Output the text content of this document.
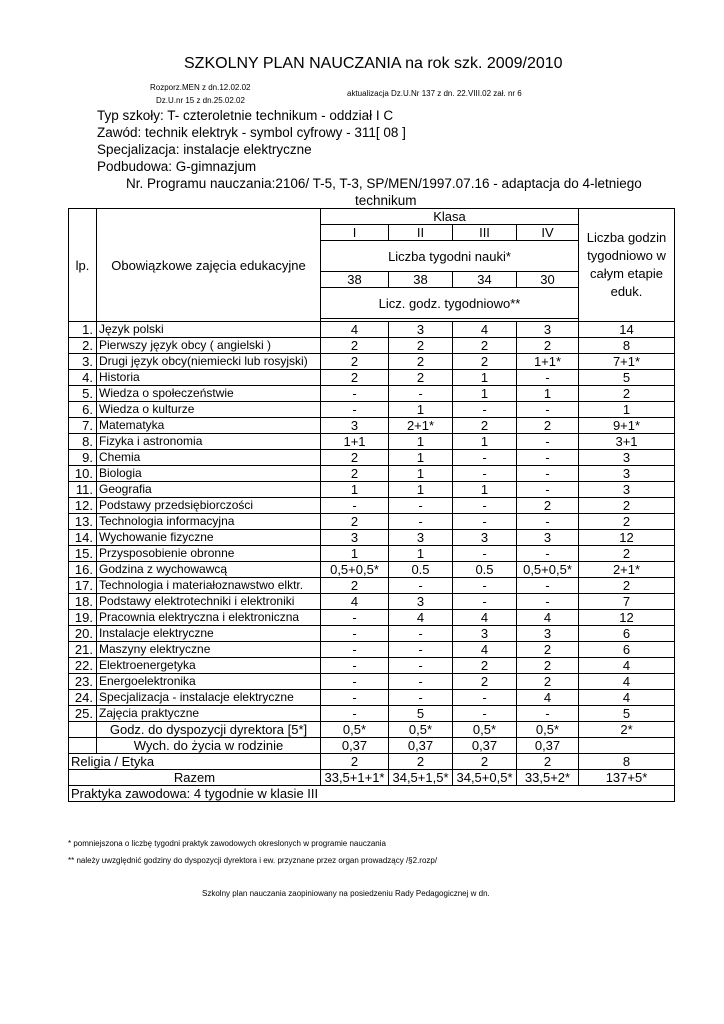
SZKOLNY PLAN NAUCZANIA na rok szk. 2009/2010
Rozporz.MEN z dn.12.02.02
Dz.U.nr 15 z dn.25.02.02
aktualizacja Dz.U.Nr 137 z dn. 22.VIII.02 zał. nr 6
Typ szkoły: T- czteroletnie technikum - oddział I C
Zawód: technik elektryk - symbol cyfrowy - 311[ 08 ]
Specjalizacja: instalacje elektryczne
Podbudowa: G-gimnazjum
Nr. Programu nauczania:2106/ T-5, T-3, SP/MEN/1997.07.16 - adaptacja do 4-letniego
technikum
lp.	Obowiązkowe zajęcia edukacyjne	Klasa				Liczba godzin tygodniowo w całym etapie eduk.
		I	II	III	IV	
		Liczba tygodni nauki*				
		38	38	34	30	
		Licz. godz. tygodniowo**				

1.	Język polski	4	3	4	3	14
2.	Pierwszy język obcy ( angielski )	2	2	2	2	8
3.	Drugi język obcy(niemiecki lub rosyjski)	2	2	2	1+1*	7+1*
4.	Historia	2	2	1	-	5
5.	Wiedza o społeczeństwie	-	-	1	1	2
6.	Wiedza o kulturze	-	1	-	-	1
7.	Matematyka	3	2+1*	2	2	9+1*
8.	Fizyka i astronomia	1+1	1	1	-	3+1
9.	Chemia	2	1	-	-	3
10.	Biologia	2	1	-	-	3
11.	Geografia	1	1	1	-	3
12.	Podstawy przedsiębiorczości	-	-	-	2	2
13.	Technologia informacyjna	2	-	-	-	2
14.	Wychowanie fizyczne	3	3	3	3	12
15.	Przysposobienie obronne	1	1	-	-	2
16.	Godzina z wychowawcą	0,5+0,5*	0.5	0.5	0,5+0,5*	2+1*
17.	Technologia i materiałoznawstwo elktr.	2	-	-	-	2
18.	Podstawy elektrotechniki i elektroniki	4	3	-	-	7
19.	Pracownia elektryczna i elektroniczna	-	4	4	4	12
20.	Instalacje elektryczne	-	-	3	3	6
21.	Maszyny elektryczne	-	-	4	2	6
22.	Elektroenergetyka	-	-	2	2	4
23.	Energoelektronika	-	-	2	2	4
24.	Specjalizacja - instalacje elektryczne	-	-	-	4	4
25.	Zajęcia praktyczne	-	5	-	-	5
	Godz. do dyspozycji dyrektora [5*]	0,5*	0,5*	0,5*	0,5*	2*
	Wych. do życia w rodzinie	0,37	0,37	0,37	0,37	
Religia / Etyka		2	2	2	2	8
Razem		33,5+1+1*	34,5+1,5*	34,5+0,5*	33,5+2*	137+5*
Praktyka zawodowa: 4 tygodnie w klasie III						
* pomniejszona o liczbę tygodni praktyk zawodowych okreslonych w programie nauczania
** należy uwzględnić godziny do dyspozycji dyrektora i ew. przyznane przez organ prowadzący /§2.rozp/
Szkolny plan nauczania zaopiniowany na posiedzeniu Rady Pedagogicznej w dn.
